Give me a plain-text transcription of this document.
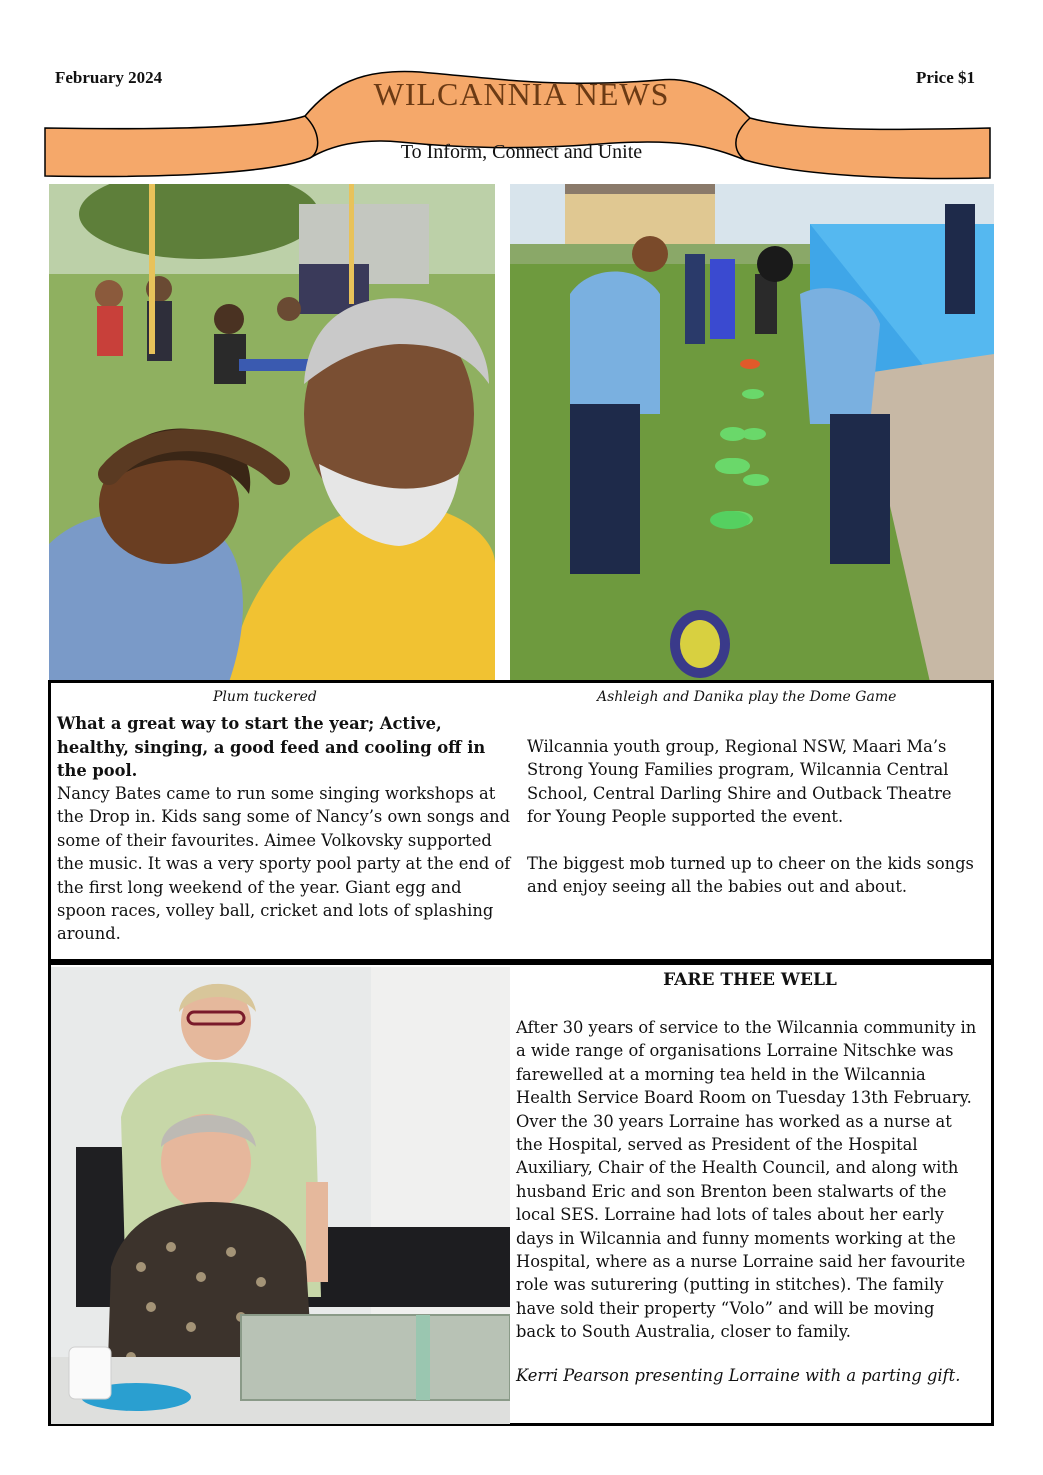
February 2024	Price $1
WILCANNIA NEWS
To Inform, Connect and Unite
Plum tuckered	Ashleigh and Danika play the Dome Game
What a great way to start the year; Active, healthy, singing, a good feed and cooling off in the pool.
Nancy Bates came to run some singing workshops at the Drop in. Kids sang some of Nancy’s own songs and some of their favourites. Aimee Volkovsky supported the music. It was a very sporty pool party at the end of the first long weekend of the year. Giant egg and spoon races, volley ball, cricket and lots of splashing around.
Wilcannia youth group, Regional NSW, Maari Ma’s Strong Young Families program, Wilcannia Central School, Central Darling Shire and Outback Theatre for Young People supported the event.
The biggest mob turned up to cheer on the kids songs and enjoy seeing all the babies out and about.
FARE THEE WELL
After 30 years of service to the Wilcannia community in a wide range of organisations Lorraine Nitschke was farewelled at a morning tea held in the Wilcannia Health Service Board Room on Tuesday 13th February. Over the 30 years Lorraine has worked as a nurse at the Hospital, served as President of the Hospital Auxiliary, Chair of the Health Council, and along with husband Eric and son Brenton been stalwarts of the local SES. Lorraine had lots of tales about her early days in Wilcannia and funny moments working at the Hospital, where as a nurse Lorraine said her favourite role was suturering (putting in stitches). The family have sold their property “Volo” and will be moving back to South Australia, closer to family.
Kerri Pearson presenting Lorraine with a parting gift.
